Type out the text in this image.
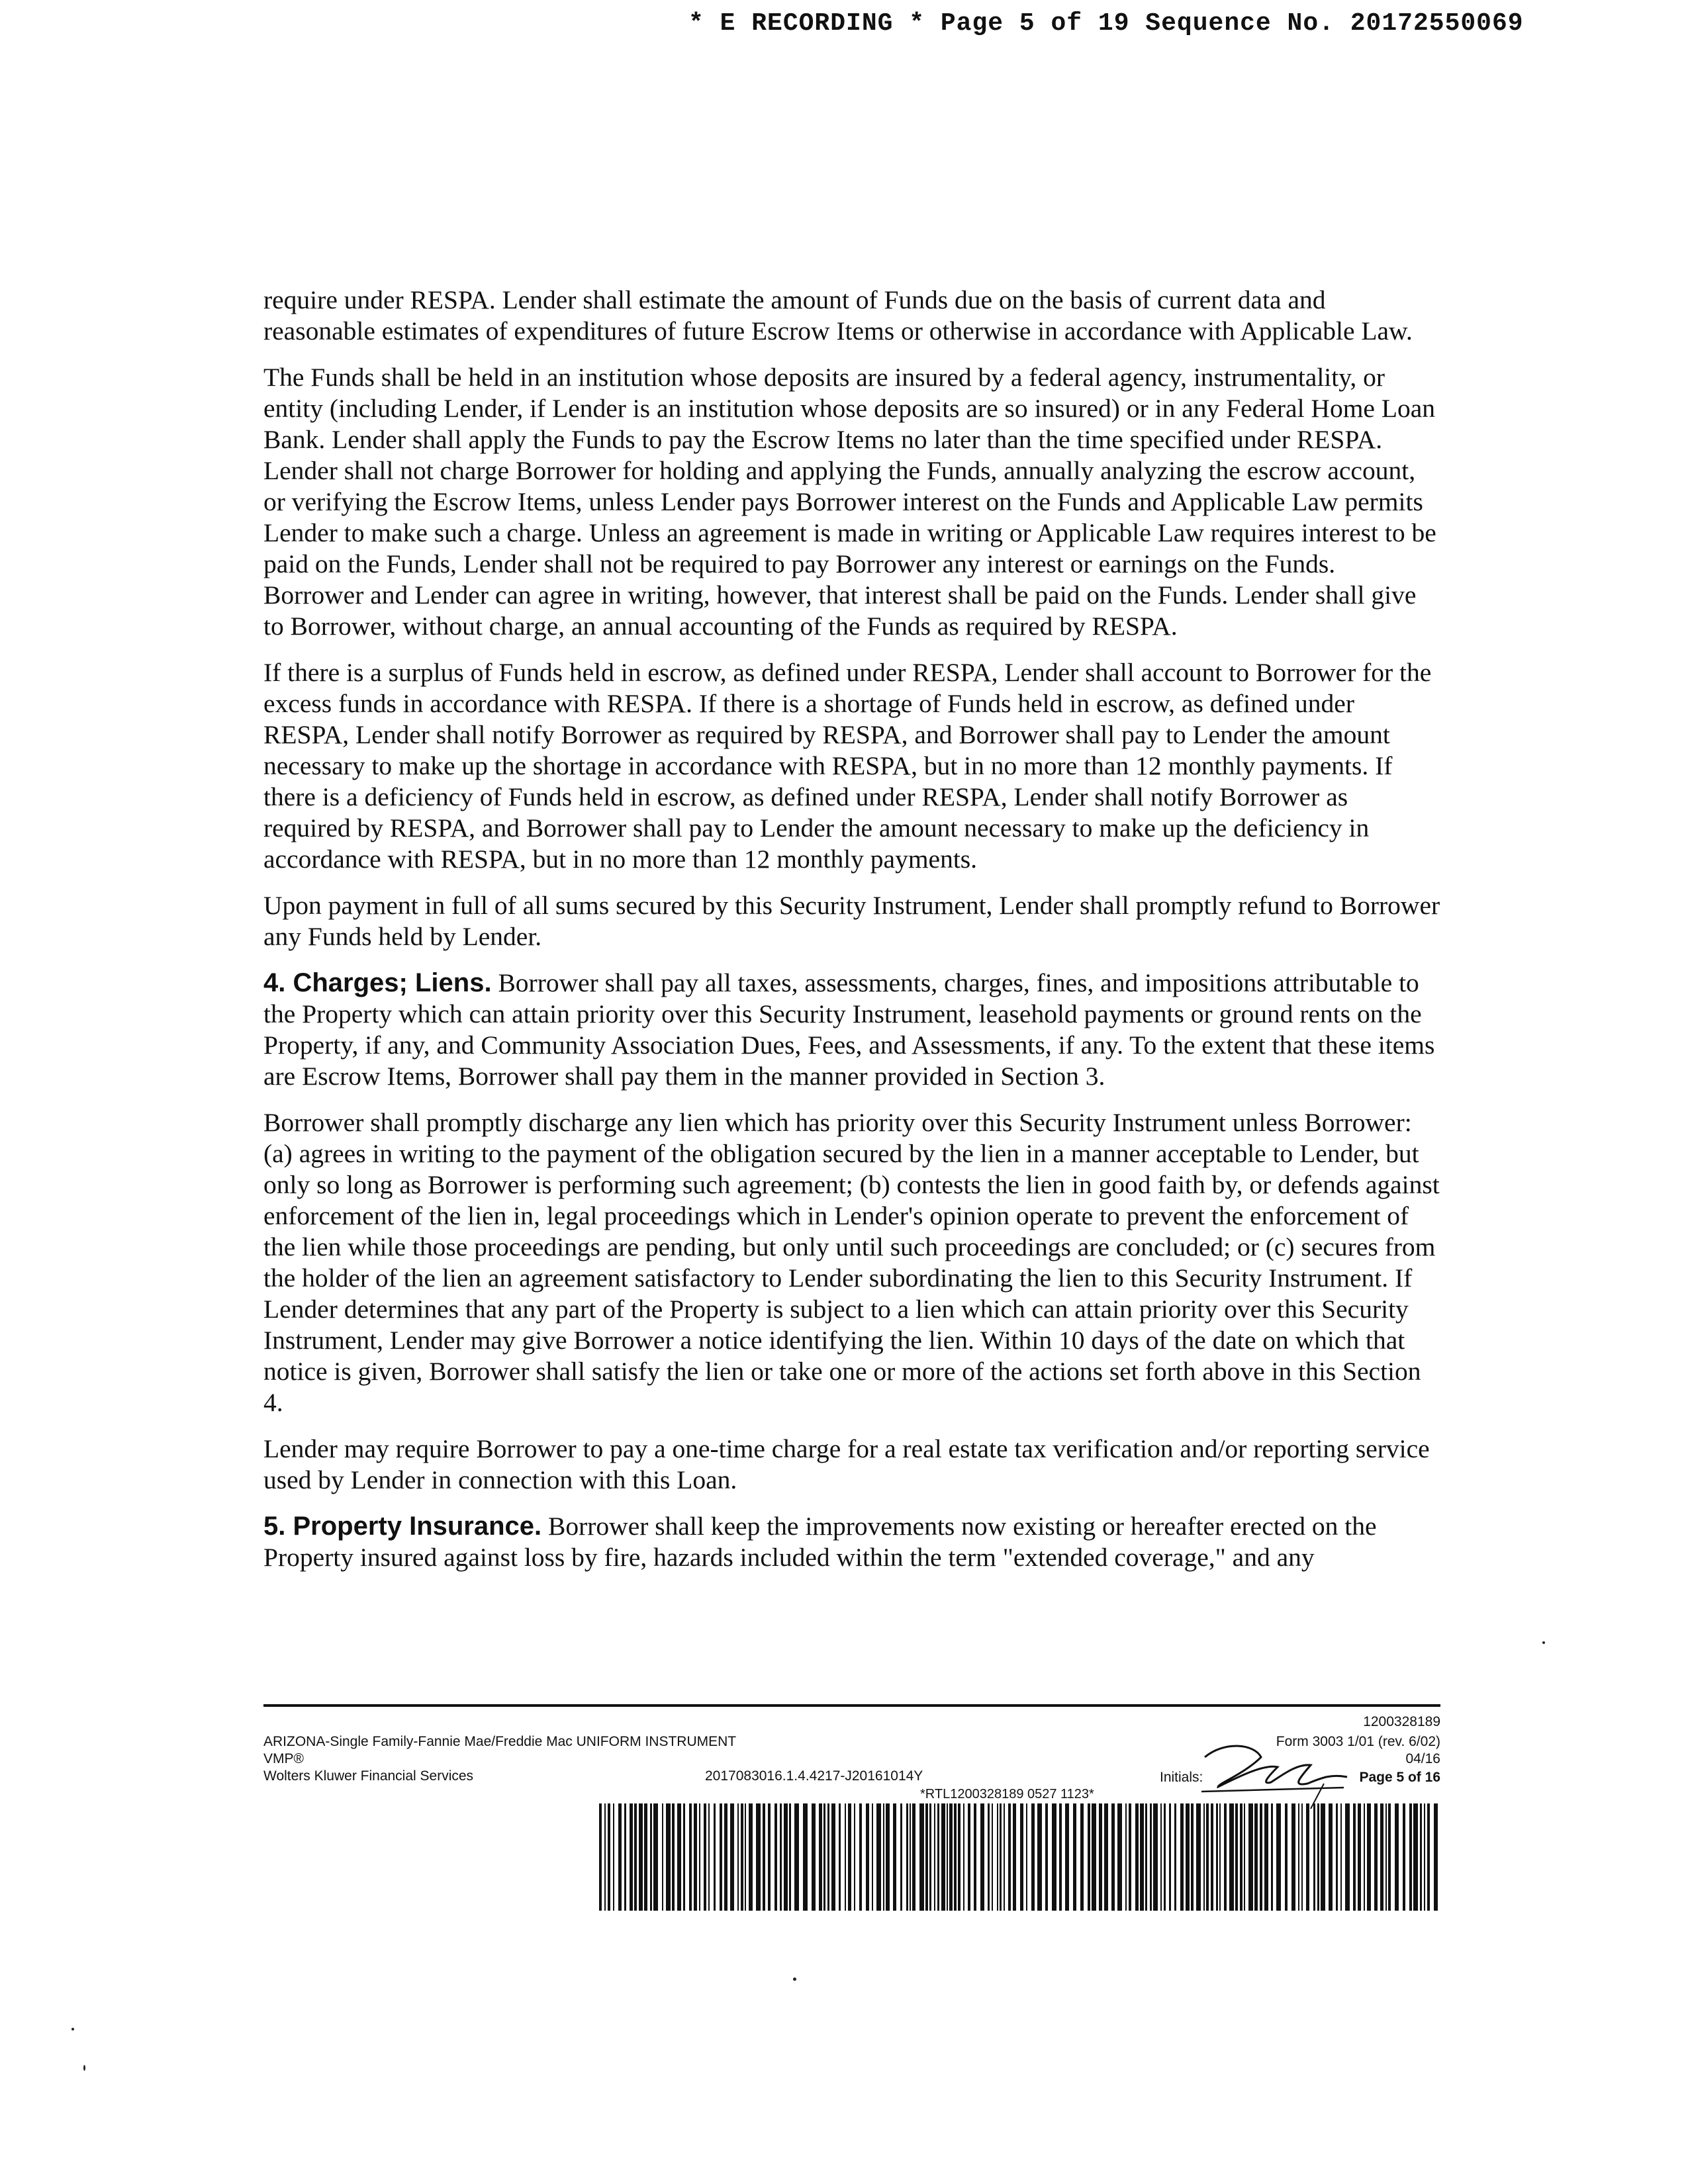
* E RECORDING * Page 5 of 19 Sequence No. 20172550069

require under RESPA. Lender shall estimate the amount of Funds due on the basis of current data and reasonable estimates of expenditures of future Escrow Items or otherwise in accordance with Applicable Law.

The Funds shall be held in an institution whose deposits are insured by a federal agency, instrumentality, or entity (including Lender, if Lender is an institution whose deposits are so insured) or in any Federal Home Loan Bank. Lender shall apply the Funds to pay the Escrow Items no later than the time specified under RESPA. Lender shall not charge Borrower for holding and applying the Funds, annually analyzing the escrow account, or verifying the Escrow Items, unless Lender pays Borrower interest on the Funds and Applicable Law permits Lender to make such a charge. Unless an agreement is made in writing or Applicable Law requires interest to be paid on the Funds, Lender shall not be required to pay Borrower any interest or earnings on the Funds. Borrower and Lender can agree in writing, however, that interest shall be paid on the Funds. Lender shall give to Borrower, without charge, an annual accounting of the Funds as required by RESPA.

If there is a surplus of Funds held in escrow, as defined under RESPA, Lender shall account to Borrower for the excess funds in accordance with RESPA. If there is a shortage of Funds held in escrow, as defined under RESPA, Lender shall notify Borrower as required by RESPA, and Borrower shall pay to Lender the amount necessary to make up the shortage in accordance with RESPA, but in no more than 12 monthly payments. If there is a deficiency of Funds held in escrow, as defined under RESPA, Lender shall notify Borrower as required by RESPA, and Borrower shall pay to Lender the amount necessary to make up the deficiency in accordance with RESPA, but in no more than 12 monthly payments.

Upon payment in full of all sums secured by this Security Instrument, Lender shall promptly refund to Borrower any Funds held by Lender.

4. Charges; Liens. Borrower shall pay all taxes, assessments, charges, fines, and impositions attributable to the Property which can attain priority over this Security Instrument, leasehold payments or ground rents on the Property, if any, and Community Association Dues, Fees, and Assessments, if any. To the extent that these items are Escrow Items, Borrower shall pay them in the manner provided in Section 3.

Borrower shall promptly discharge any lien which has priority over this Security Instrument unless Borrower: (a) agrees in writing to the payment of the obligation secured by the lien in a manner acceptable to Lender, but only so long as Borrower is performing such agreement; (b) contests the lien in good faith by, or defends against enforcement of the lien in, legal proceedings which in Lender's opinion operate to prevent the enforcement of the lien while those proceedings are pending, but only until such proceedings are concluded; or (c) secures from the holder of the lien an agreement satisfactory to Lender subordinating the lien to this Security Instrument. If Lender determines that any part of the Property is subject to a lien which can attain priority over this Security Instrument, Lender may give Borrower a notice identifying the lien. Within 10 days of the date on which that notice is given, Borrower shall satisfy the lien or take one or more of the actions set forth above in this Section 4.

Lender may require Borrower to pay a one-time charge for a real estate tax verification and/or reporting service used by Lender in connection with this Loan.

5. Property Insurance. Borrower shall keep the improvements now existing or hereafter erected on the Property insured against loss by fire, hazards included within the term "extended coverage," and any

1200328189
ARIZONA-Single Family-Fannie Mae/Freddie Mac UNIFORM INSTRUMENT
VMP®
Wolters Kluwer Financial Services	2017083016.1.4.4217-J20161014Y
Form 3003 1/01 (rev. 6/02)
04/16
Initials:	Page 5 of 16
*RTL1200328189 0527 1123*
